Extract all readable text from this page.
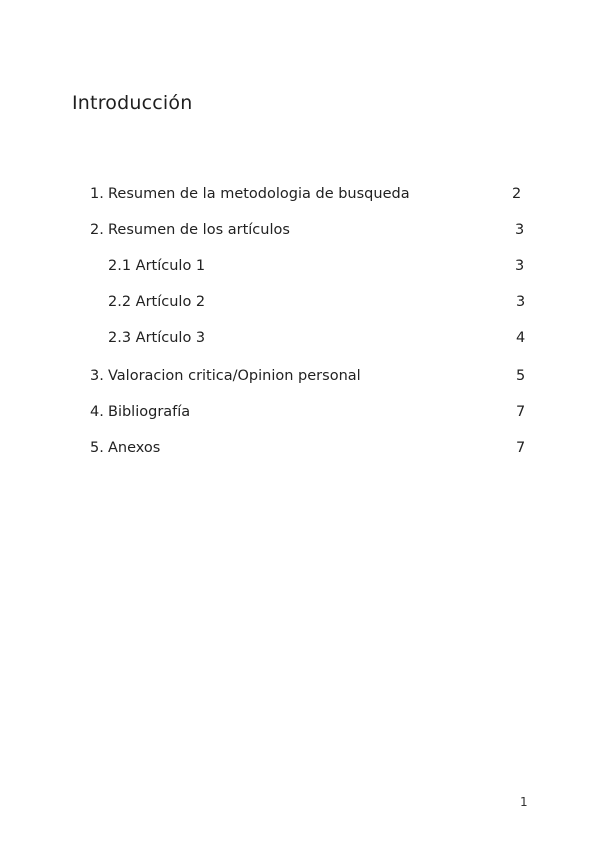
Introducción
1. Resumen de la metodologia de busqueda	2
2. Resumen de los artículos	3
2.1 Artículo 1	3
2.2 Artículo 2	3
2.3 Artículo 3	4
3. Valoracion critica/Opinion personal	5
4. Bibliografía	7
5. Anexos	7
1
